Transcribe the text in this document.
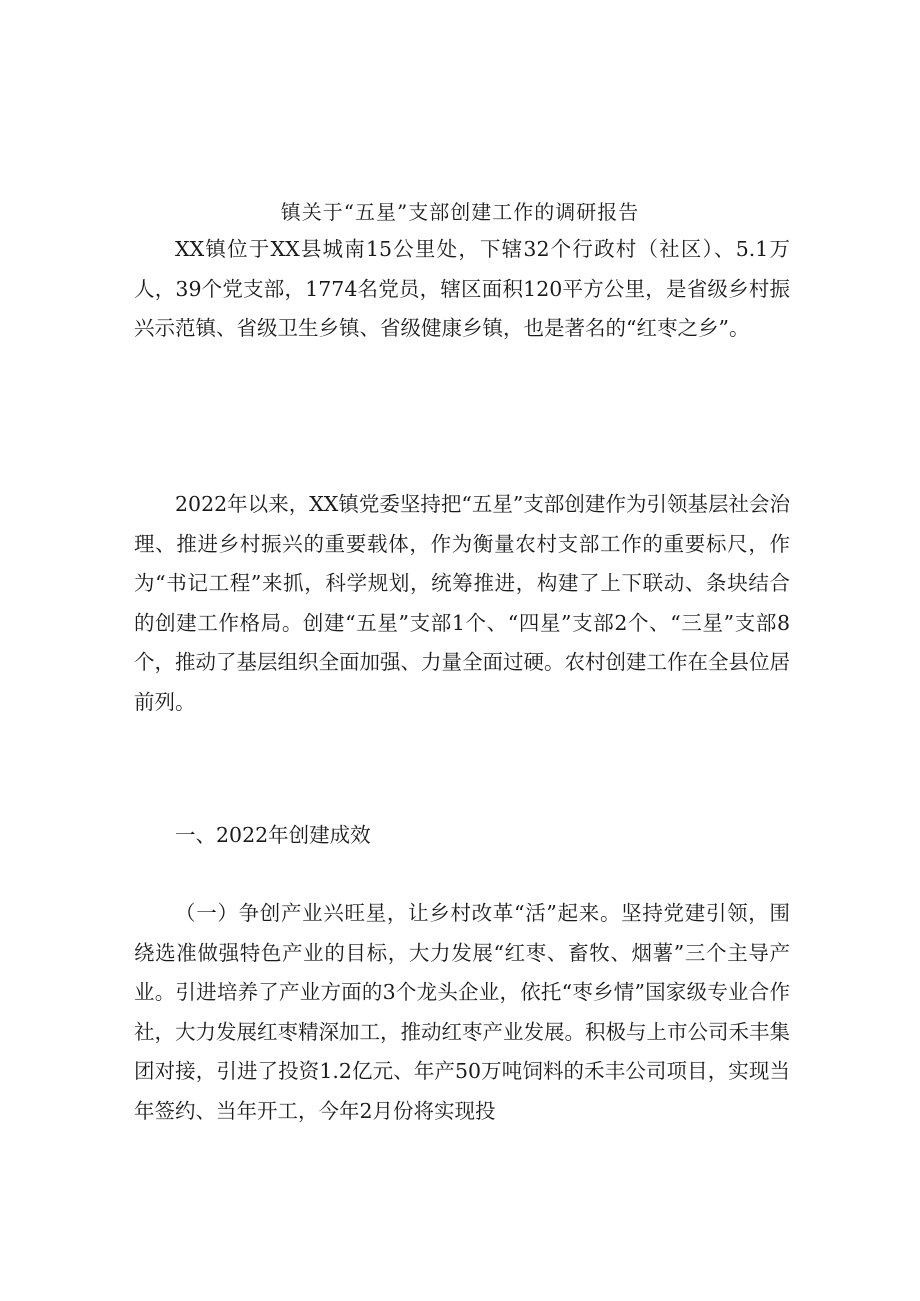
镇关于“五星”支部创建工作的调研报告

XX镇位于XX县城南15公里处，下辖32个行政村（社区）、5.1万人，39个党支部，1774名党员，辖区面积120平方公里，是省级乡村振兴示范镇、省级卫生乡镇、省级健康乡镇，也是著名的“红枣之乡”。

2022年以来，XX镇党委坚持把“五星”支部创建作为引领基层社会治理、推进乡村振兴的重要载体，作为衡量农村支部工作的重要标尺，作为“书记工程”来抓，科学规划，统筹推进，构建了上下联动、条块结合的创建工作格局。创建“五星”支部1个、“四星”支部2个、“三星”支部8个，推动了基层组织全面加强、力量全面过硬。农村创建工作在全县位居前列。

一、2022年创建成效

（一）争创产业兴旺星，让乡村改革“活”起来。坚持党建引领，围绕选准做强特色产业的目标，大力发展“红枣、畜牧、烟薯”三个主导产业。引进培养了产业方面的3个龙头企业，依托“枣乡情”国家级专业合作社，大力发展红枣精深加工，推动红枣产业发展。积极与上市公司禾丰集团对接，引进了投资1.2亿元、年产50万吨饲料的禾丰公司项目，实现当年签约、当年开工，今年2月份将实现投
